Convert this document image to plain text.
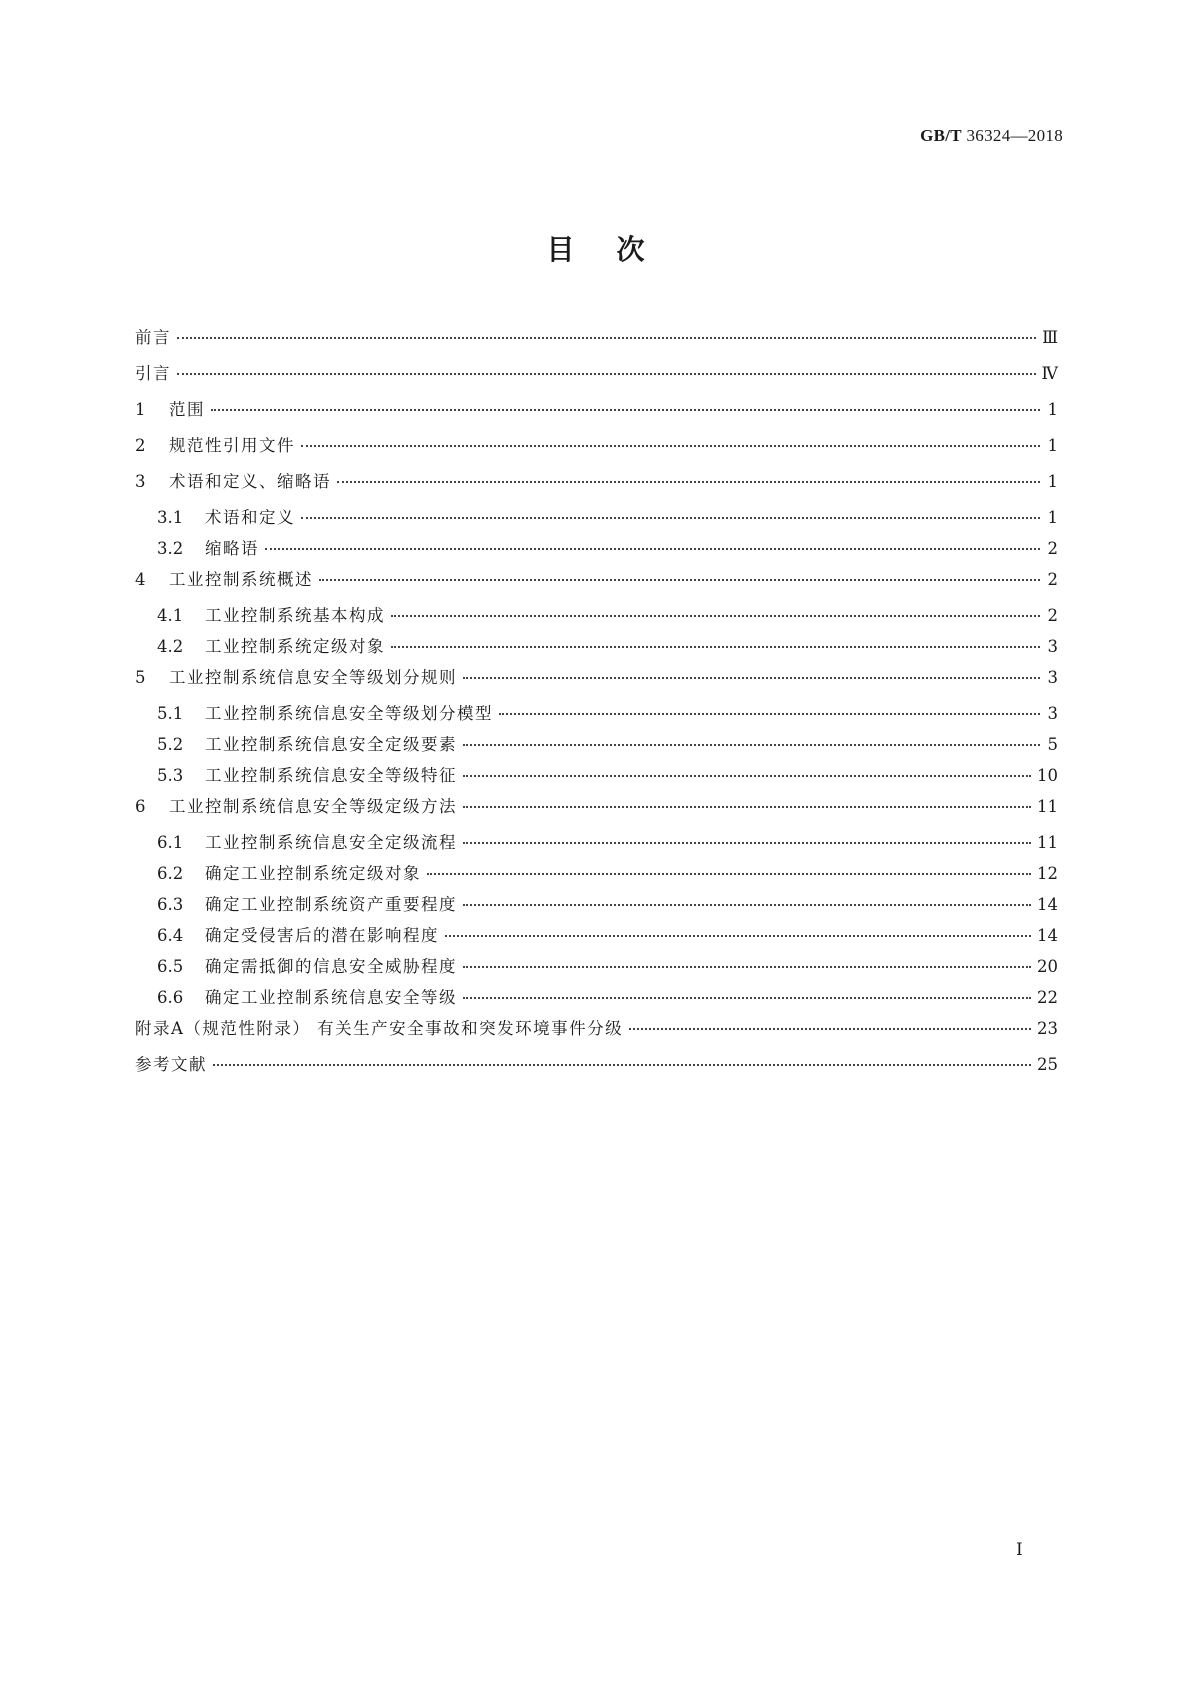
GB/T 36324—2018
目次
前言	Ⅲ
引言	Ⅳ
1	范围	1
2	规范性引用文件	1
3	术语和定义、缩略语	1
3.1	术语和定义	1
3.2	缩略语	2
4	工业控制系统概述	2
4.1	工业控制系统基本构成	2
4.2	工业控制系统定级对象	3
5	工业控制系统信息安全等级划分规则	3
5.1	工业控制系统信息安全等级划分模型	3
5.2	工业控制系统信息安全定级要素	5
5.3	工业控制系统信息安全等级特征	10
6	工业控制系统信息安全等级定级方法	11
6.1	工业控制系统信息安全定级流程	11
6.2	确定工业控制系统定级对象	12
6.3	确定工业控制系统资产重要程度	14
6.4	确定受侵害后的潜在影响程度	14
6.5	确定需抵御的信息安全威胁程度	20
6.6	确定工业控制系统信息安全等级	22
附录A（规范性附录） 有关生产安全事故和突发环境事件分级	23
参考文献	25
I
